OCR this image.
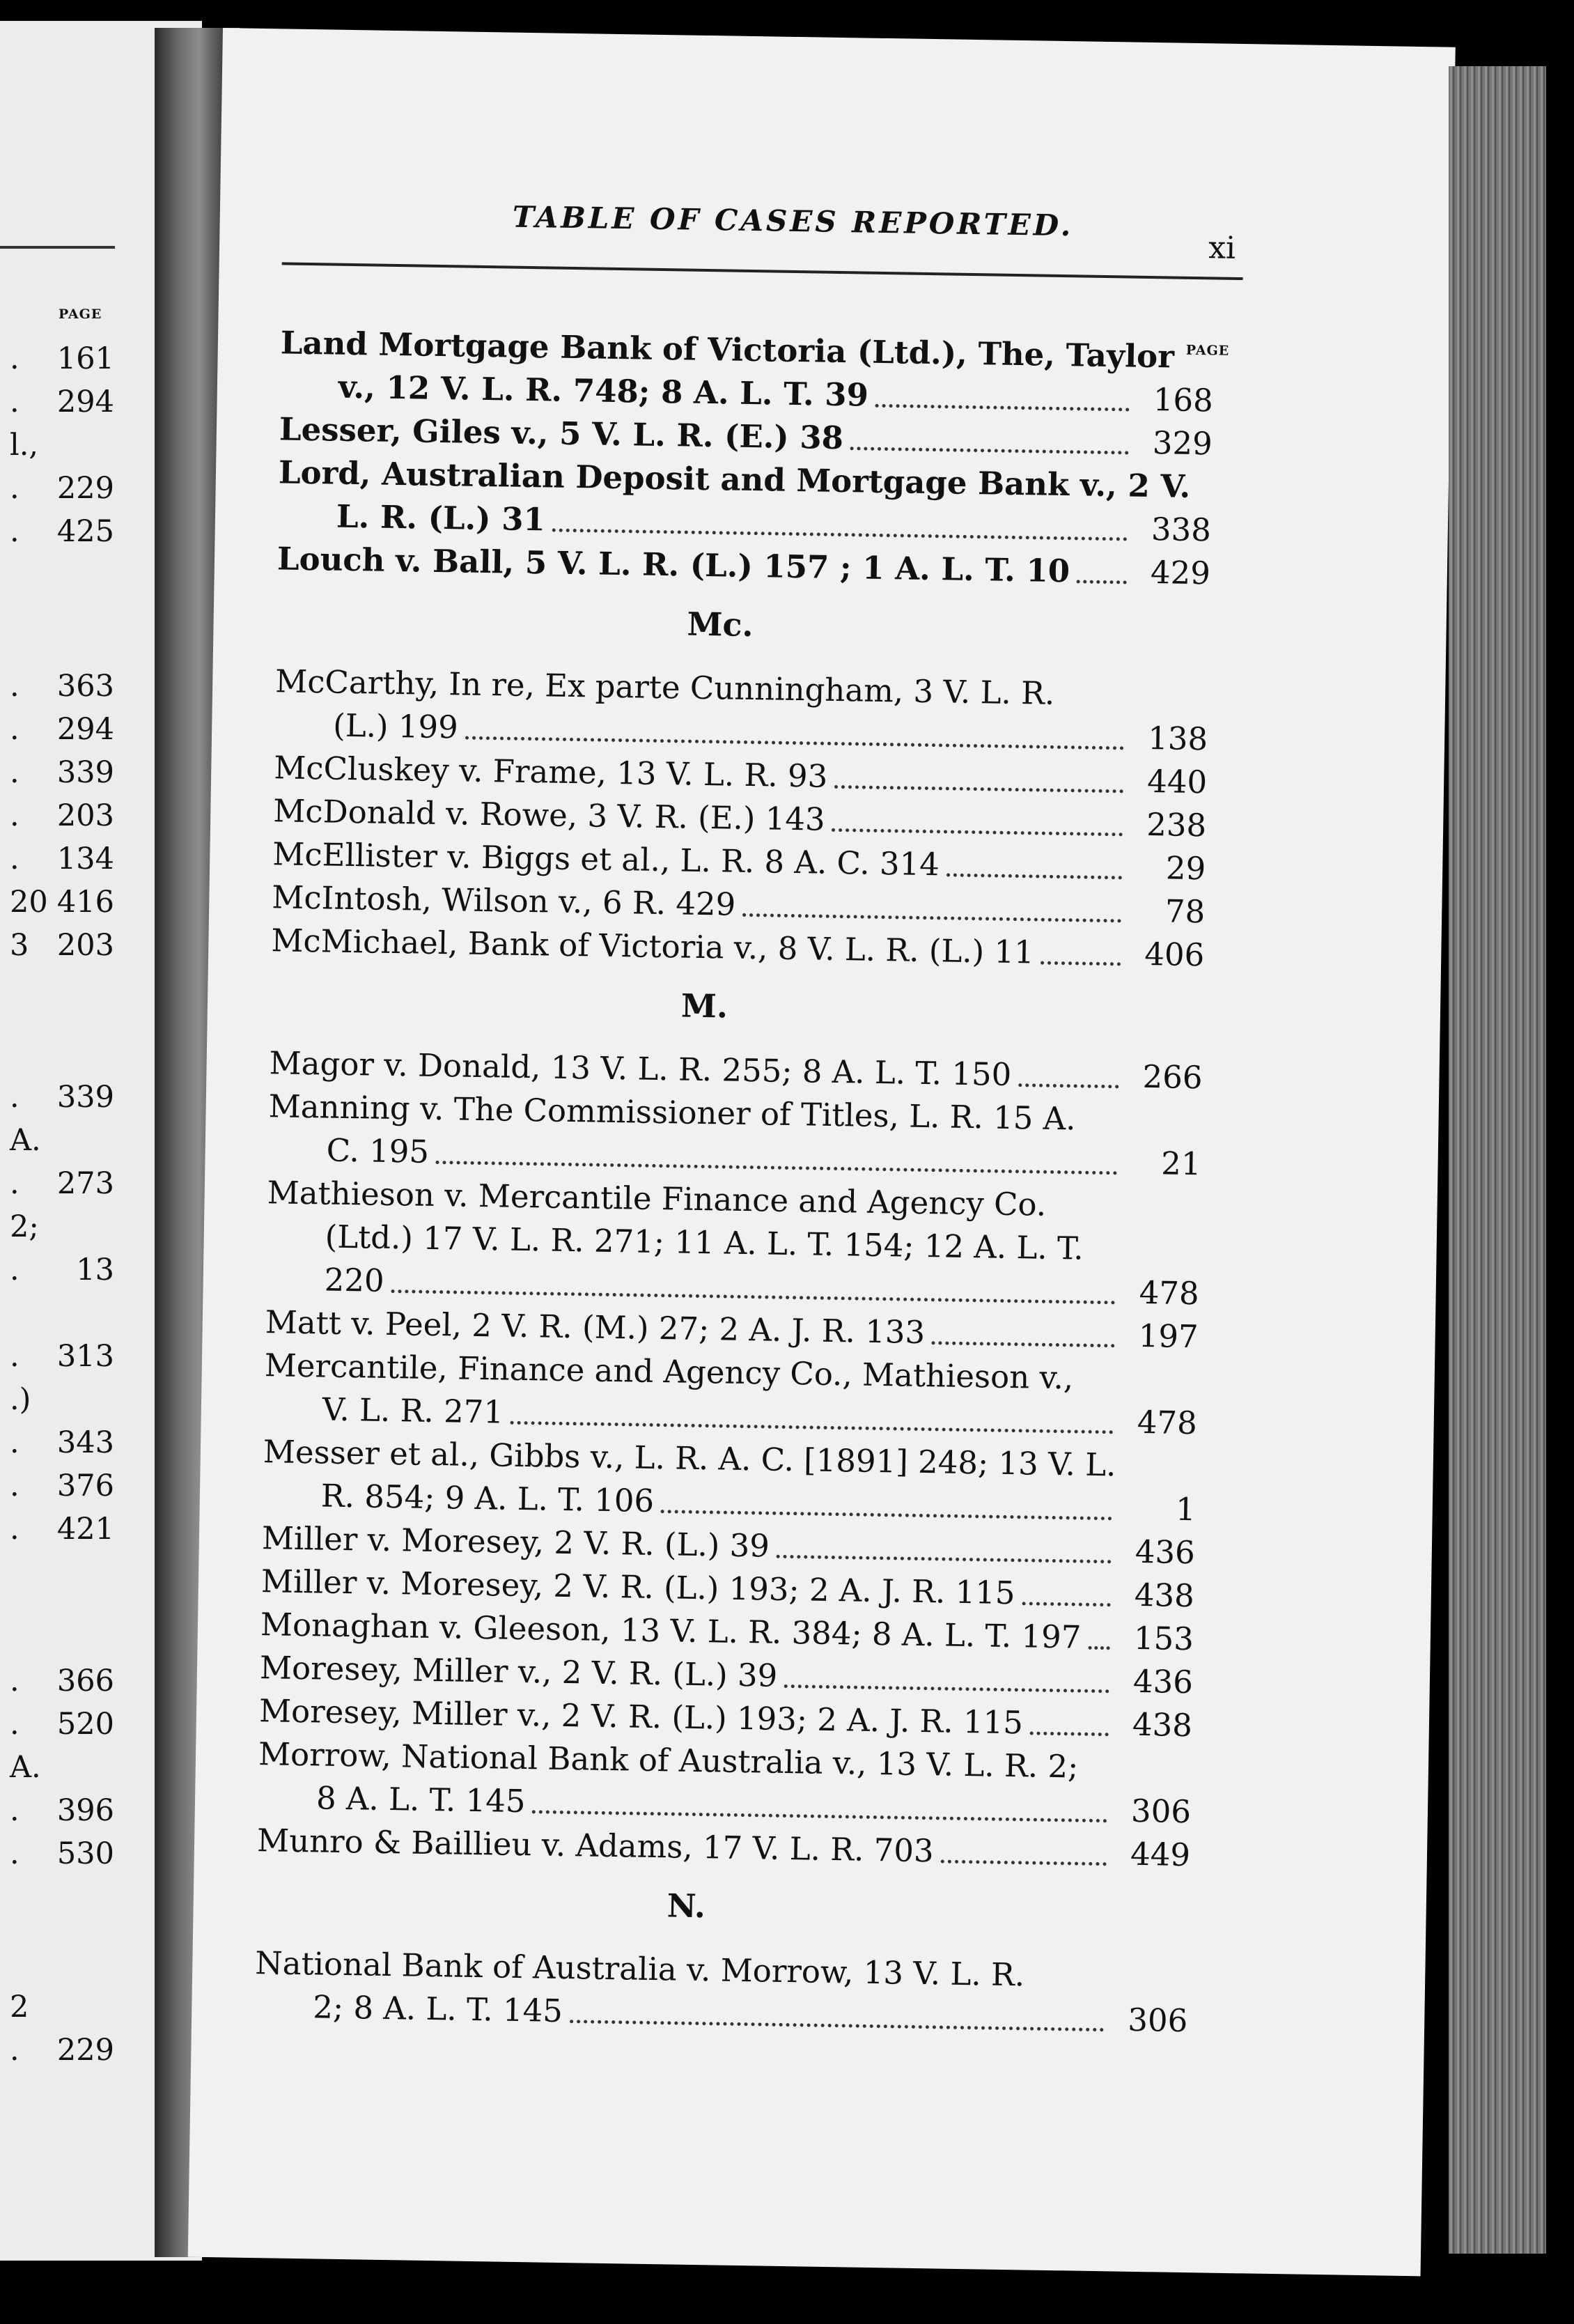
PAGE
. 161
. 294
l.,
. 229
. 425
. 363
. 294
. 339
. 203
. 134
20 416
3 203
. 339
A.
. 273
2;
. 13
. 313
.)
. 343
. 376
. 421
. 366
. 520
A.
. 396
. 530
2
. 229
TABLE OF CASES REPORTED.
xi
PAGE
Land Mortgage Bank of Victoria (Ltd.), The, Taylor
v., 12 V. L. R. 748; 8 A. L. T. 39	168
Lesser, Giles v., 5 V. L. R. (E.) 38	329
Lord, Australian Deposit and Mortgage Bank v., 2 V.
L. R. (L.) 31	338
Louch v. Ball, 5 V. L. R. (L.) 157 ; 1 A. L. T. 10	429
Mc.
McCarthy, In re, Ex parte Cunningham, 3 V. L. R.
(L.) 199	138
McCluskey v. Frame, 13 V. L. R. 93	440
McDonald v. Rowe, 3 V. R. (E.) 143	238
McEllister v. Biggs et al., L. R. 8 A. C. 314	29
McIntosh, Wilson v., 6 R. 429	78
McMichael, Bank of Victoria v., 8 V. L. R. (L.) 11	406
M.
Magor v. Donald, 13 V. L. R. 255; 8 A. L. T. 150	266
Manning v. The Commissioner of Titles, L. R. 15 A.
C. 195	21
Mathieson v. Mercantile Finance and Agency Co.
(Ltd.) 17 V. L. R. 271; 11 A. L. T. 154; 12 A. L. T.
220	478
Matt v. Peel, 2 V. R. (M.) 27; 2 A. J. R. 133	197
Mercantile, Finance and Agency Co., Mathieson v.,
V. L. R. 271	478
Messer et al., Gibbs v., L. R. A. C. [1891] 248; 13 V. L.
R. 854; 9 A. L. T. 106	1
Miller v. Moresey, 2 V. R. (L.) 39	436
Miller v. Moresey, 2 V. R. (L.) 193; 2 A. J. R. 115	438
Monaghan v. Gleeson, 13 V. L. R. 384; 8 A. L. T. 197	153
Moresey, Miller v., 2 V. R. (L.) 39	436
Moresey, Miller v., 2 V. R. (L.) 193; 2 A. J. R. 115	438
Morrow, National Bank of Australia v., 13 V. L. R. 2;
8 A. L. T. 145	306
Munro & Baillieu v. Adams, 17 V. L. R. 703	449
N.
National Bank of Australia v. Morrow, 13 V. L. R.
2; 8 A. L. T. 145	306
